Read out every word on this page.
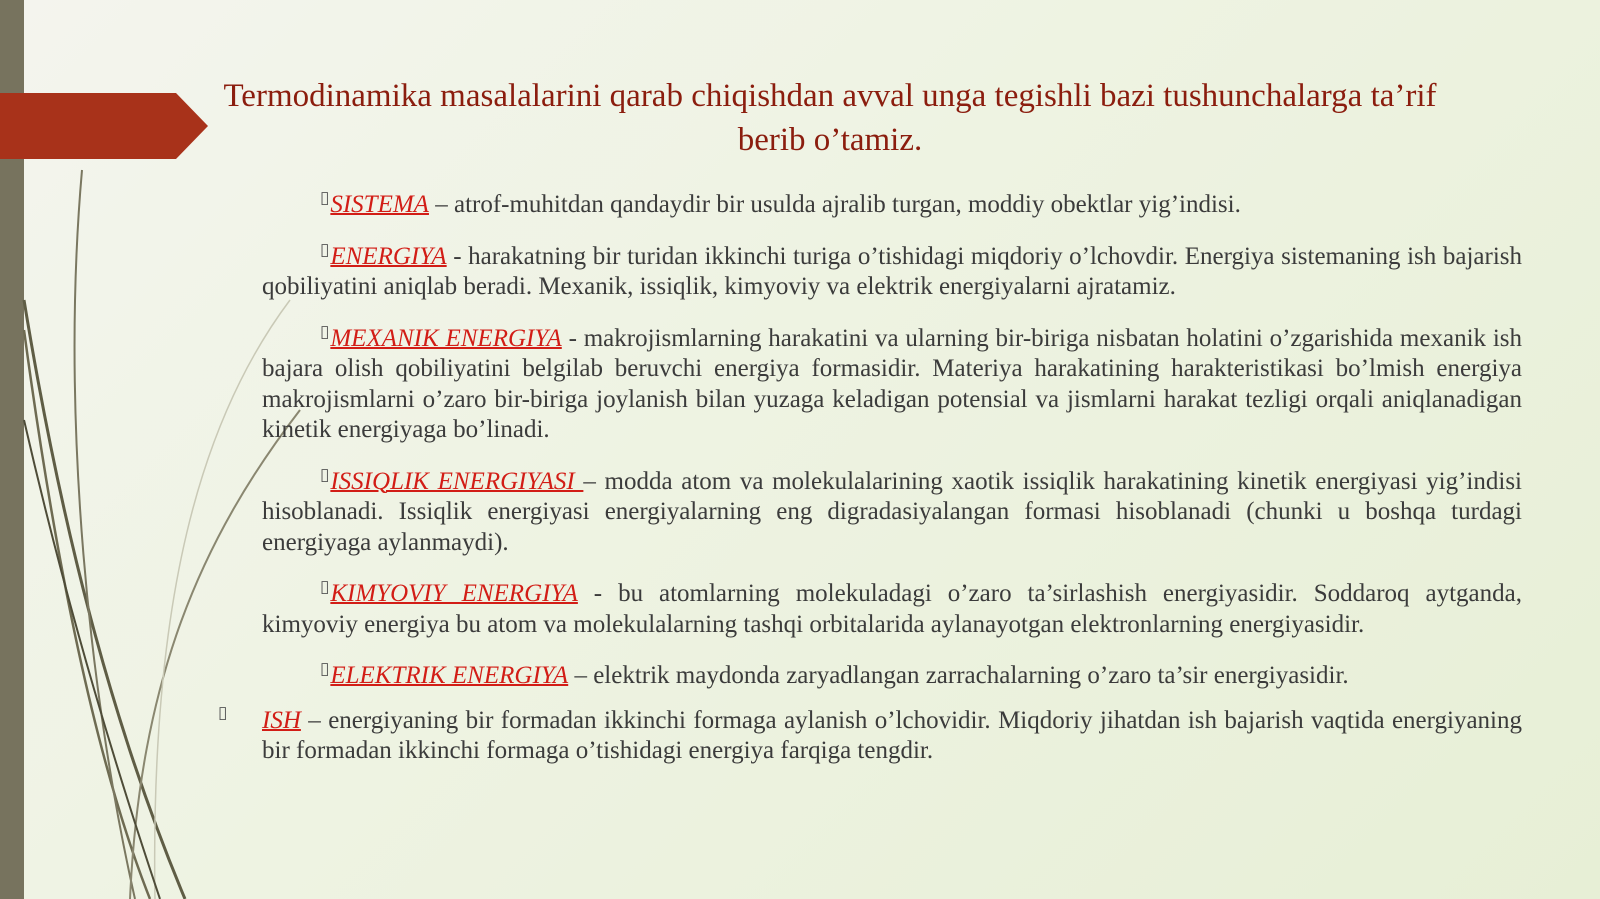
Termodinamika masalalarini qarab chiqishdan avval unga tegishli bazi tushunchalarga ta’rif berib o’tamiz.

▯SISTEMA – atrof-muhitdan qandaydir bir usulda ajralib turgan, moddiy obektlar yig’indisi.

▯ENERGIYA - harakatning bir turidan ikkinchi turiga o’tishidagi miqdoriy o’lchovdir. Energiya sistemaning ish bajarish qobiliyatini aniqlab beradi. Mexanik, issiqlik, kimyoviy va elektrik energiyalarni ajratamiz.

▯MEXANIK ENERGIYA - makrojismlarning harakatini va ularning bir-biriga nisbatan holatini o’zgarishida mexanik ish bajara olish qobiliyatini belgilab beruvchi energiya formasidir. Materiya harakatining harakteristikasi bo’lmish energiya makrojismlarni o’zaro bir-biriga joylanish bilan yuzaga keladigan potensial va jismlarni harakat tezligi orqali aniqlanadigan kinetik energiyaga bo’linadi.

▯ISSIQLIK ENERGIYASI – modda atom va molekulalarining xaotik issiqlik harakatining kinetik energiyasi yig’indisi hisoblanadi. Issiqlik energiyasi energiyalarning eng digradasiyalangan formasi hisoblanadi (chunki u boshqa turdagi energiyaga aylanmaydi).

▯KIMYOVIY ENERGIYA - bu atomlarning molekuladagi o’zaro ta’sirlashish energiyasidir. Soddaroq aytganda, kimyoviy energiya bu atom va molekulalarning tashqi orbitalarida aylanayotgan elektronlarning energiyasidir.

▯ELEKTRIK ENERGIYA – elektrik maydonda zaryadlangan zarrachalarning o’zaro ta’sir energiyasidir.

▯ ISH – energiyaning bir formadan ikkinchi formaga aylanish o’lchovidir. Miqdoriy jihatdan ish bajarish vaqtida energiyaning bir formadan ikkinchi formaga o’tishidagi energiya farqiga tengdir.
